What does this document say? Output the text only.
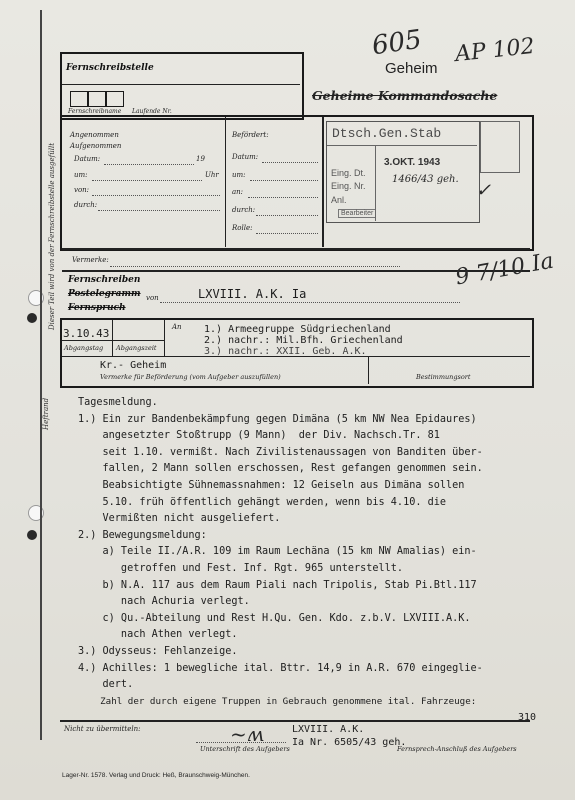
Dieser Teil wird von der Fernschreibstelle ausgefüllt
Heftrand
Fernschreibstelle
Fernschreibname Laufende Nr.
605 AP 102
Geheim
Geheime Kommandosache
Angenommen
Aufgenommen
Datum:	19
um:	Uhr
von:
durch:
Befördert:
Datum:
um:
an:
durch:
Rolle:
Dtsch.Gen.Stab
Eing. Dt.
Eing. Nr.
Anl.
Bearbeiter
3.OKT. 1943
1466/43 geh.
✓
Vermerke:
Fernschreiben
Postelegramm
Fernspruch
von	LXVIII. A.K. Ia
9 7/10 Ia
3.10.43
Abgangstag Abgangszeit
An 1.) Armeegruppe Südgriechenland
2.) nachr.: Mil.Bfh. Griechenland
3.) nachr.: XXII. Geb. A.K.
Kr.- Geheim
Vermerke für Beförderung (vom Aufgeber auszufüllen)	Bestimmungsort
Tagesmeldung.
1.) Ein zur Bandenbekämpfung gegen Dimäna (5 km NW Nea Epidaures)
angesetzter Stoßtrupp (9 Mann)  der Div. Nachsch.Tr. 81
seit 1.10. vermißt. Nach Zivilistenaussagen von Banditen über-
fallen, 2 Mann sollen erschossen, Rest gefangen genommen sein.
Beabsichtigte Sühnemassnahmen: 12 Geiseln aus Dimäna sollen
5.10. früh öffentlich gehängt werden, wenn bis 4.10. die
Vermißten nicht ausgeliefert.
2.) Bewegungsmeldung:
a) Teile II./A.R. 109 im Raum Lechäna (15 km NW Amalias) ein-
getroffen und Fest. Inf. Rgt. 965 unterstellt.
b) N.A. 117 aus dem Raum Piali nach Tripolis, Stab Pi.Btl.117
nach Achuria verlegt.
c) Qu.-Abteilung und Rest H.Qu. Gen. Kdo. z.b.V. LXVIII.A.K.
nach Athen verlegt.
3.) Odysseus: Fehlanzeige.
4.) Achilles: 1 bewegliche ital. Bttr. 14,9 in A.R. 670 eingeglie-
dert.
Zahl der durch eigene Truppen in Gebrauch genommene ital. Fahrzeuge:
310
Nicht zu übermitteln:	~ʍ
Unterschrift des Aufgebers
LXVIII. A.K.
Ia Nr. 6505/43 geh.
Fernsprech-Anschluß des Aufgebers
Lager-Nr. 1578. Verlag und Druck: Heß, Braunschweig-München.
